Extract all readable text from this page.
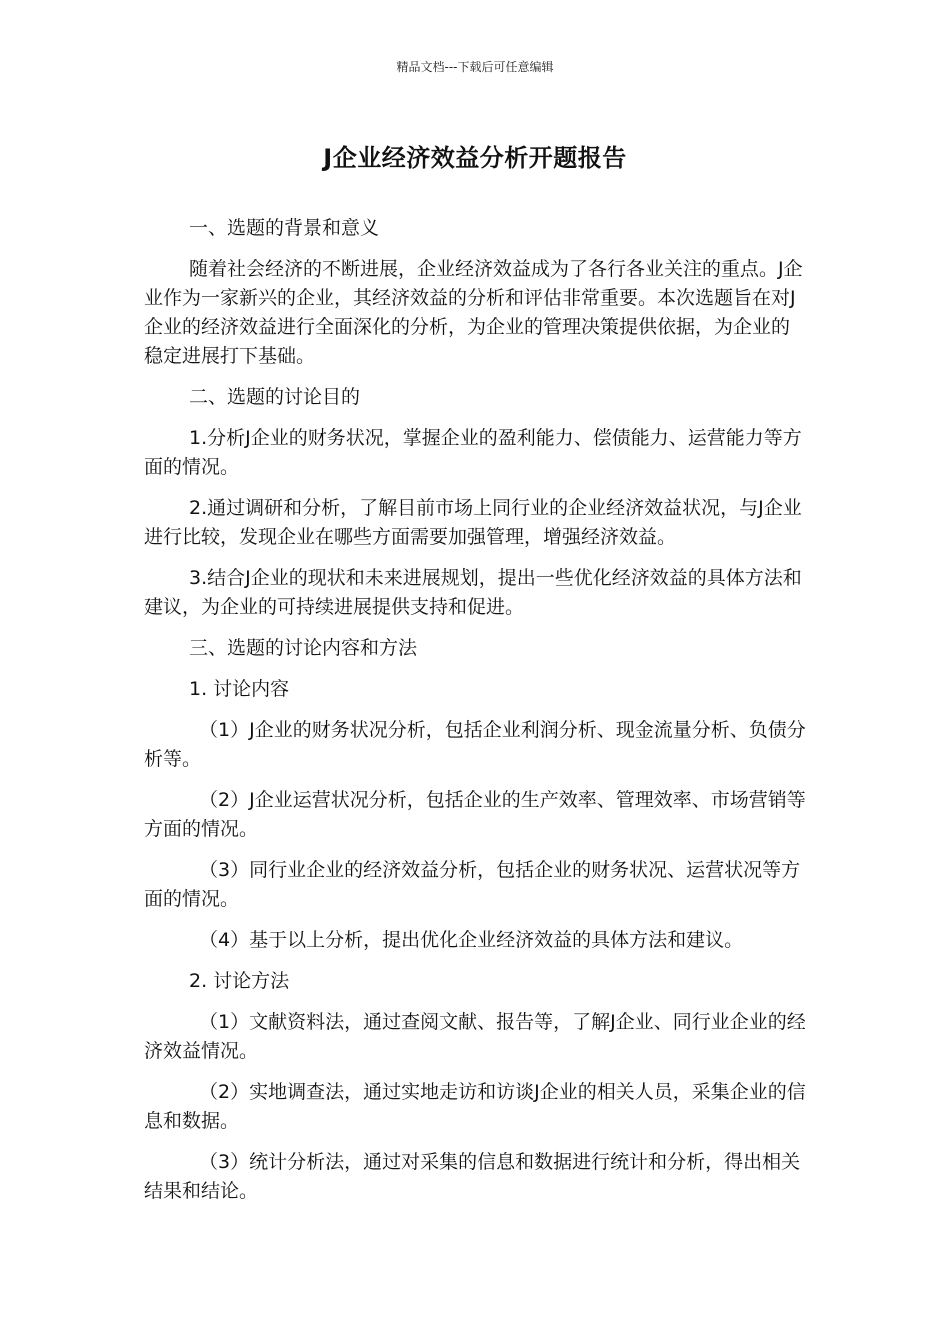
精品文档---下载后可任意编辑
J企业经济效益分析开题报告

一、选题的背景和意义

随着社会经济的不断进展，企业经济效益成为了各行各业关注的重点。J企业作为一家新兴的企业，其经济效益的分析和评估非常重要。本次选题旨在对J企业的经济效益进行全面深化的分析，为企业的管理决策提供依据，为企业的稳定进展打下基础。

二、选题的讨论目的

1.分析J企业的财务状况，掌握企业的盈利能力、偿债能力、运营能力等方面的情况。

2.通过调研和分析，了解目前市场上同行业的企业经济效益状况，与J企业进行比较，发现企业在哪些方面需要加强管理，增强经济效益。

3.结合J企业的现状和未来进展规划，提出一些优化经济效益的具体方法和建议，为企业的可持续进展提供支持和促进。

三、选题的讨论内容和方法

1. 讨论内容

（1）J企业的财务状况分析，包括企业利润分析、现金流量分析、负债分析等。

（2）J企业运营状况分析，包括企业的生产效率、管理效率、市场营销等方面的情况。

（3）同行业企业的经济效益分析，包括企业的财务状况、运营状况等方面的情况。

（4）基于以上分析，提出优化企业经济效益的具体方法和建议。

2. 讨论方法

（1）文献资料法，通过查阅文献、报告等，了解J企业、同行业企业的经济效益情况。

（2）实地调查法，通过实地走访和访谈J企业的相关人员，采集企业的信息和数据。

（3）统计分析法，通过对采集的信息和数据进行统计和分析，得出相关结果和结论。
